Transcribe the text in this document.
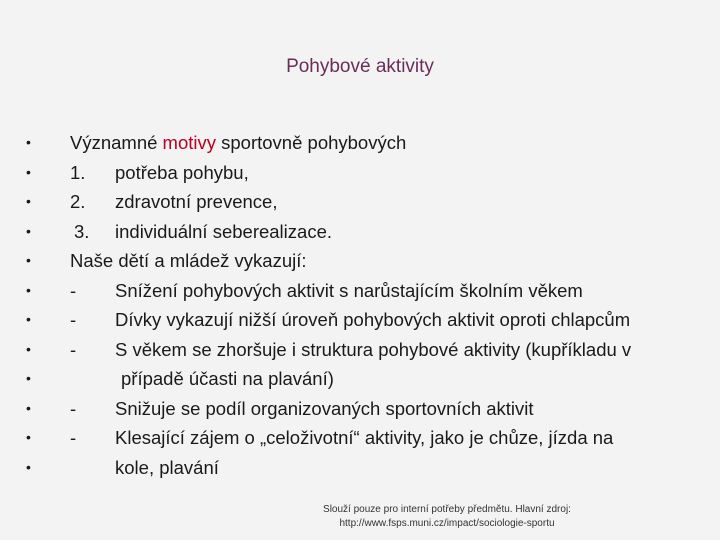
Pohybové aktivity
•	Významné motivy sportovně pohybových
•	1. potřeba pohybu,
•	2. zdravotní prevence,
•	3. individuální seberealizace.
•	Naše dětí a mládež vykazují:
•	- Snížení pohybových aktivit s narůstajícím školním věkem
•	- Dívky vykazují nižší úroveň pohybových aktivit oproti chlapcům
•	- S věkem se zhoršuje i struktura pohybové aktivity (kupříkladu v
•	případě účasti na plavání)
•	- Snižuje se podíl organizovaných sportovních aktivit
•	- Klesající zájem o „celoživotní“ aktivity, jako je chůze, jízda na
•	kole, plavání
Slouží pouze pro interní potřeby předmětu. Hlavní zdroj:
http://www.fsps.muni.cz/impact/sociologie-sportu
